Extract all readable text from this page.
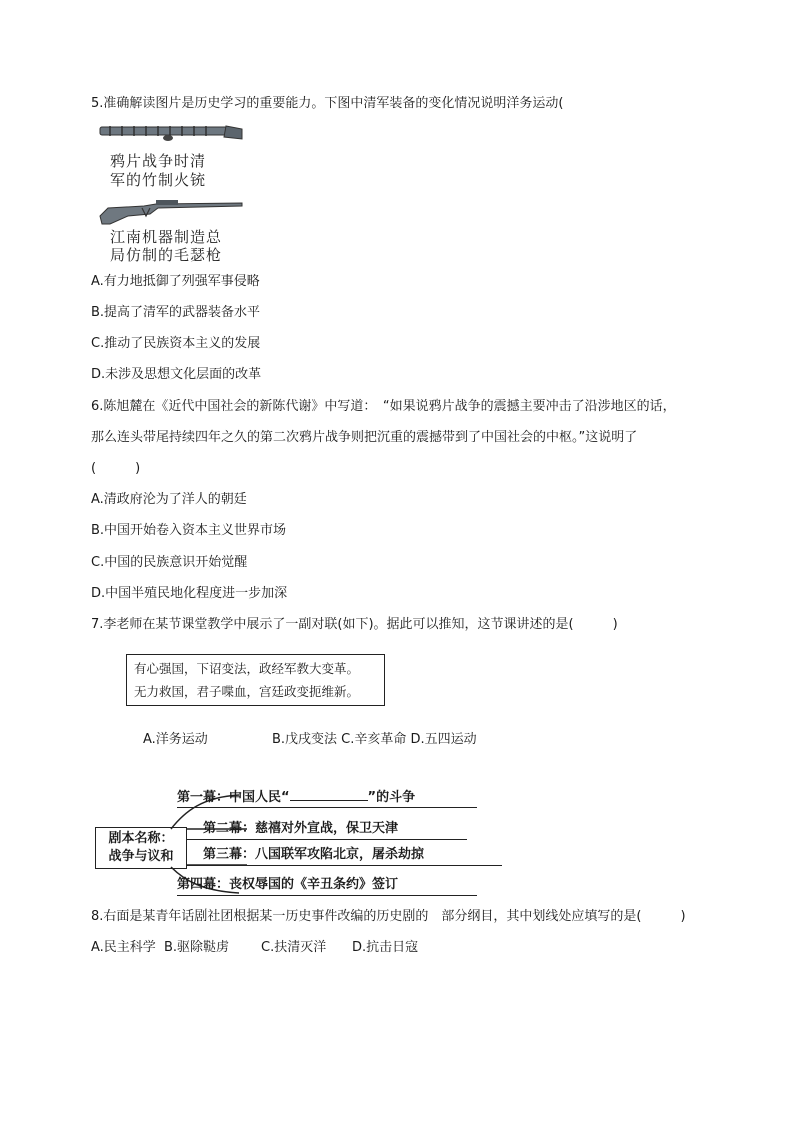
5.准确解读图片是历史学习的重要能力。下图中清军装备的变化情况说明洋务运动(
鸦片战争时清
军的竹制火铳
江南机器制造总
局仿制的毛瑟枪
A.有力地抵御了列强军事侵略
B.提高了清军的武器装备水平
C.推动了民族资本主义的发展
D.未涉及思想文化层面的改革
6.陈旭麓在《近代中国社会的新陈代谢》中写道：　“如果说鸦片战争的震撼主要冲击了沿涉地区的话，
那么连头带尾持续四年之久的第二次鸦片战争则把沉重的震撼带到了中国社会的中枢。”这说明了
(　　　)
A.清政府沦为了洋人的朝廷
B.中国开始卷入资本主义世界市场
C.中国的民族意识开始觉醒
D.中国半殖民地化程度进一步加深
7.李老师在某节课堂教学中展示了一副对联(如下)。据此可以推知，这节课讲述的是(　　　)
有心强国，下诏变法，政经军教大变革。
无力救国，君子喋血，宫廷政变扼维新。
A.洋务运动	B.戊戌变法 C.辛亥革命 D.五四运动
剧本名称：
战争与议和
第一幕：中国人民“	”的斗争
第二幕：慈禧对外宣战，保卫天津
第三幕：八国联军攻陷北京，屠杀劫掠
第四幕：丧权辱国的《辛丑条约》签订
8.右面是某青年话剧社团根据某一历史事件改编的历史剧的　部分纲目，其中划线处应填写的是(　　　)
A.民主科学 B.驱除鞑虏 C.扶清灭洋 D.抗击日寇
